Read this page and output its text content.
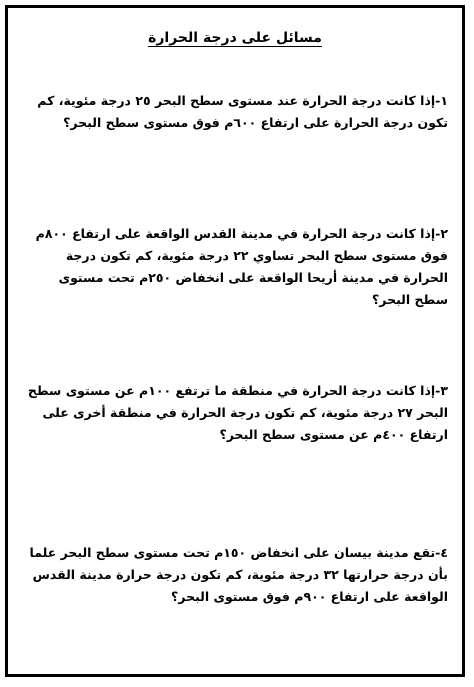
مسائل على درجة الحرارة
١-إذا كانت درجة الحرارة عند مستوى سطح البحر ٢٥ درجة مئوية، كم تكون درجة الحرارة على ارتفاع ٦٠٠م فوق مستوى سطح البحر؟
٢-إذا كانت درجة الحرارة في مدينة القدس الواقعة على ارتفاع ٨٠٠م فوق مستوى سطح البحر تساوي ٢٢ درجة مئوية، كم تكون درجة الحرارة في مدينة أريحا الواقعة على انخفاض ٢٥٠م تحت مستوى سطح البحر؟
٣-إذا كانت درجة الحرارة في منطقة ما ترتفع ١٠٠م عن مستوى سطح البحر ٢٧ درجة مئوية، كم تكون درجة الحرارة في منطقة أخرى على ارتفاع ٤٠٠م عن مستوى سطح البحر؟
٤-تقع مدينة بيسان على انخفاض ١٥٠م تحت مستوى سطح البحر علما بأن درجة حرارتها ٣٢ درجة مئوية، كم تكون درجة حرارة مدينة القدس الواقعة على ارتفاع ٩٠٠م فوق مستوى البحر؟
